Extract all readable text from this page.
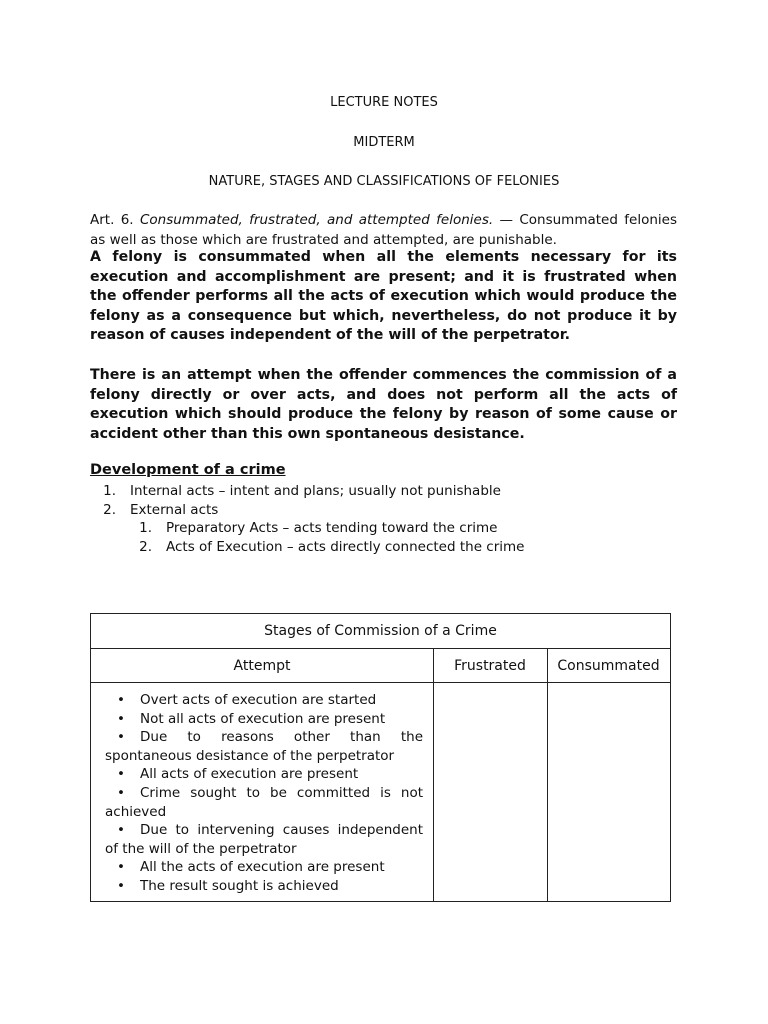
LECTURE NOTES
MIDTERM
NATURE, STAGES AND CLASSIFICATIONS OF FELONIES
Art. 6. Consummated, frustrated, and attempted felonies. — Consummated felonies as well as those which are frustrated and attempted, are punishable.
A felony is consummated when all the elements necessary for its execution and accomplishment are present; and it is frustrated when the offender performs all the acts of execution which would produce the felony as a consequence but which, nevertheless, do not produce it by reason of causes independent of the will of the perpetrator.
There is an attempt when the offender commences the commission of a felony directly or over acts, and does not perform all the acts of execution which should produce the felony by reason of some cause or accident other than this own spontaneous desistance.
Development of a crime
1. Internal acts – intent and plans; usually not punishable
2. External acts
1. Preparatory Acts – acts tending toward the crime
2. Acts of Execution – acts directly connected the crime
Stages of Commission of a Crime
Attempt	Frustrated	Consummated
• Overt acts of execution are started
• Not all acts of execution are present
•	Due to reasons other than the spontaneous desistance of the perpetrator
• All acts of execution are present
•	Crime sought to be committed is not achieved
•	Due to intervening causes independent of the will of the perpetrator
• All the acts of execution are present
• The result sought is achieved
